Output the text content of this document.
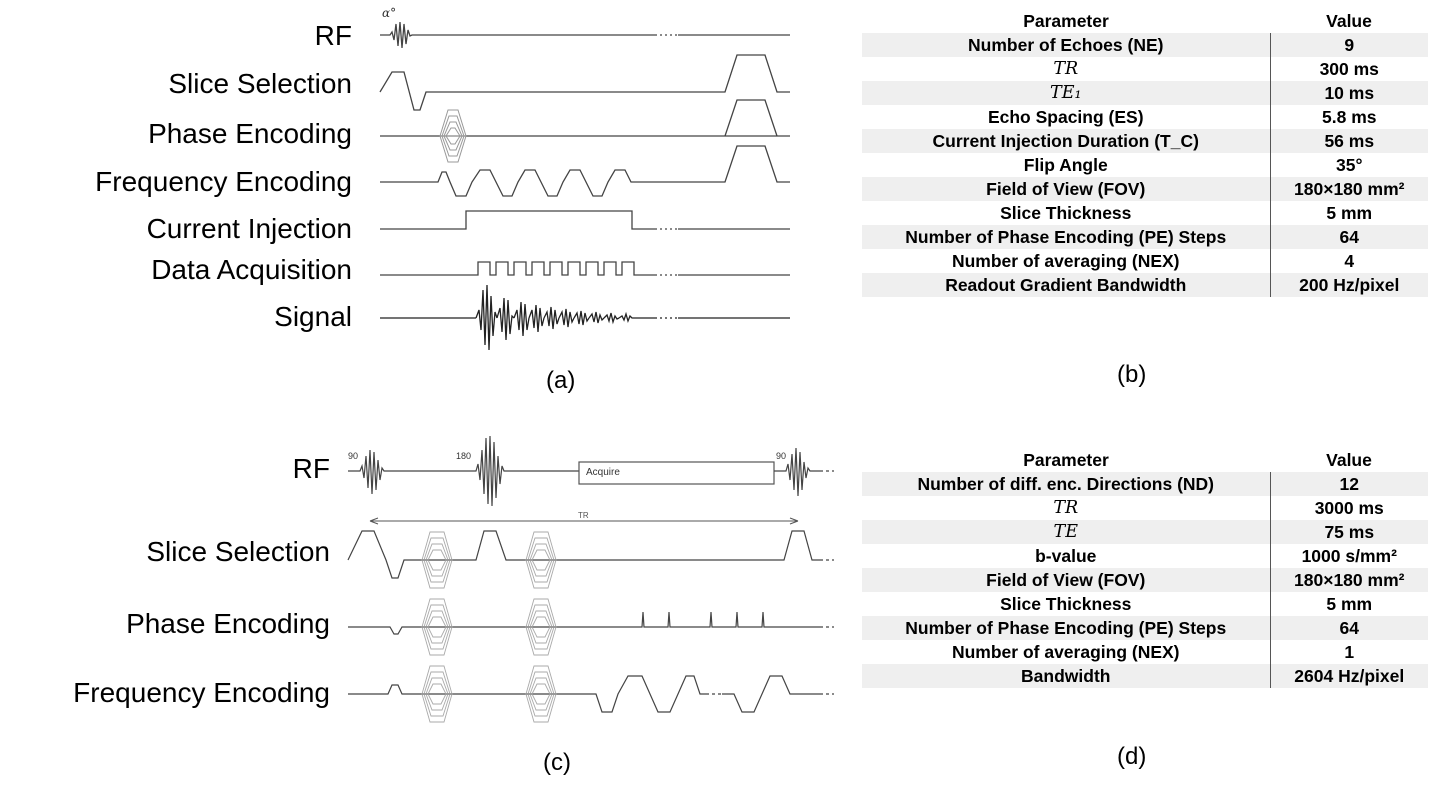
RF
Slice Selection
Phase Encoding
Frequency Encoding
Current Injection
Data Acquisition
Signal
α°
(a)
Parameter	Value
Number of Echoes (NE)	9
TR	300 ms
TE₁	10 ms
Echo Spacing (ES)	5.8 ms
Current Injection Duration (T_C)	56 ms
Flip Angle	35°
Field of View (FOV)	180×180 mm²
Slice Thickness	5 mm
Number of Phase Encoding (PE) Steps	64
Number of averaging (NEX)	4
Readout Gradient Bandwidth	200 Hz/pixel
(b)
RF
Slice Selection
Phase Encoding
Frequency Encoding
90	180	90
Acquire
TR
(c)
Parameter	Value
Number of diff. enc. Directions (ND)	12
TR	3000 ms
TE	75 ms
b-value	1000 s/mm²
Field of View (FOV)	180×180 mm²
Slice Thickness	5 mm
Number of Phase Encoding (PE) Steps	64
Number of averaging (NEX)	1
Bandwidth	2604 Hz/pixel
(d)
